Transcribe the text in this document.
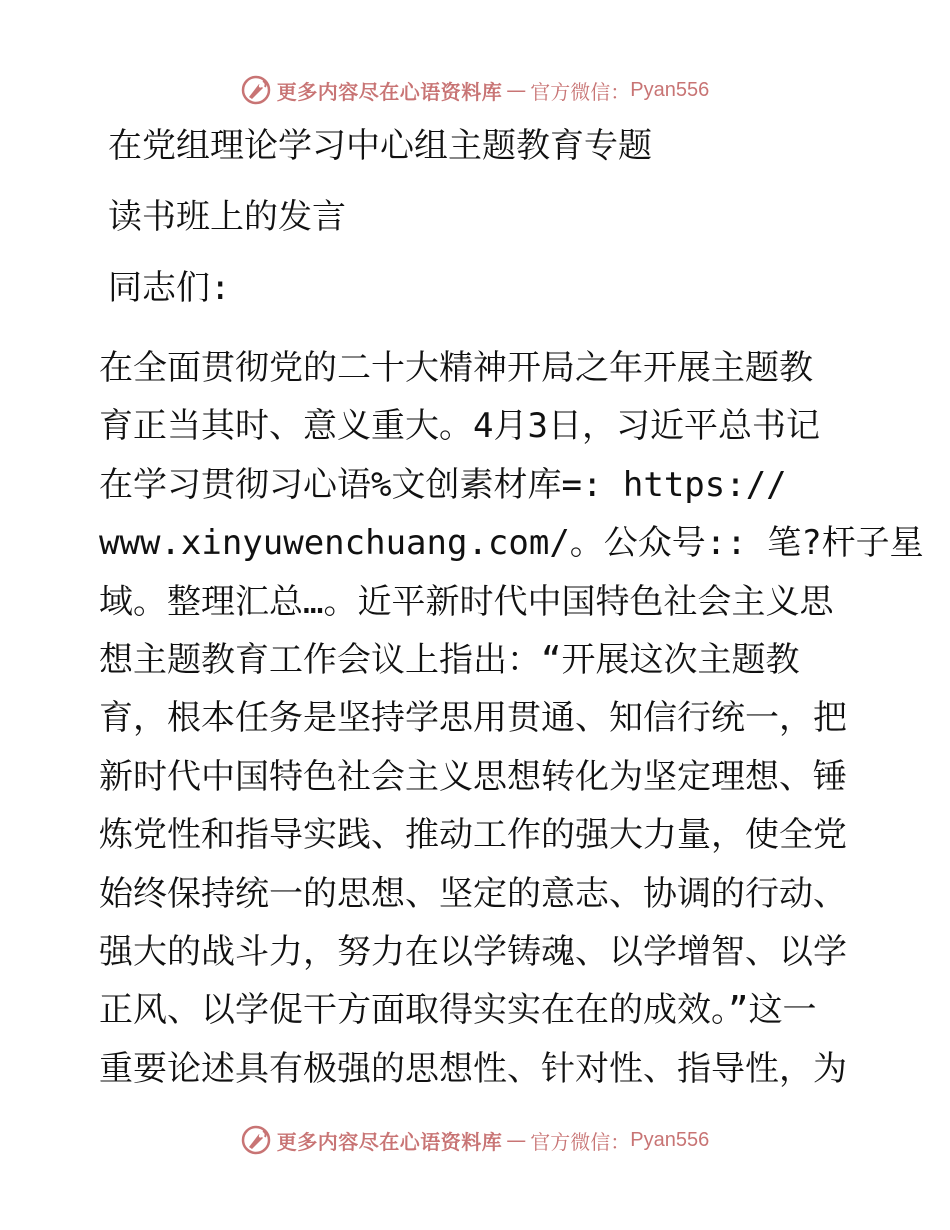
更多内容尽在心语资料库 — 官方微信： Pyan556
在党组理论学习中心组主题教育专题
读书班上的发言
同志们:
在全面贯彻党的二十大精神开局之年开展主题教
育正当其时、意义重大。4月3日，习近平总书记
在学习贯彻习心语%文创素材库=: https://
www.xinyuwenchuang.com/。公众号:: 笔?杆子星
域。整理汇总…。近平新时代中国特色社会主义思
想主题教育工作会议上指出：“开展这次主题教
育，根本任务是坚持学思用贯通、知信行统一，把
新时代中国特色社会主义思想转化为坚定理想、锤
炼党性和指导实践、推动工作的强大力量，使全党
始终保持统一的思想、坚定的意志、协调的行动、
强大的战斗力，努力在以学铸魂、以学增智、以学
正风、以学促干方面取得实实在在的成效。”这一
重要论述具有极强的思想性、针对性、指导性，为
更多内容尽在心语资料库 — 官方微信： Pyan556
